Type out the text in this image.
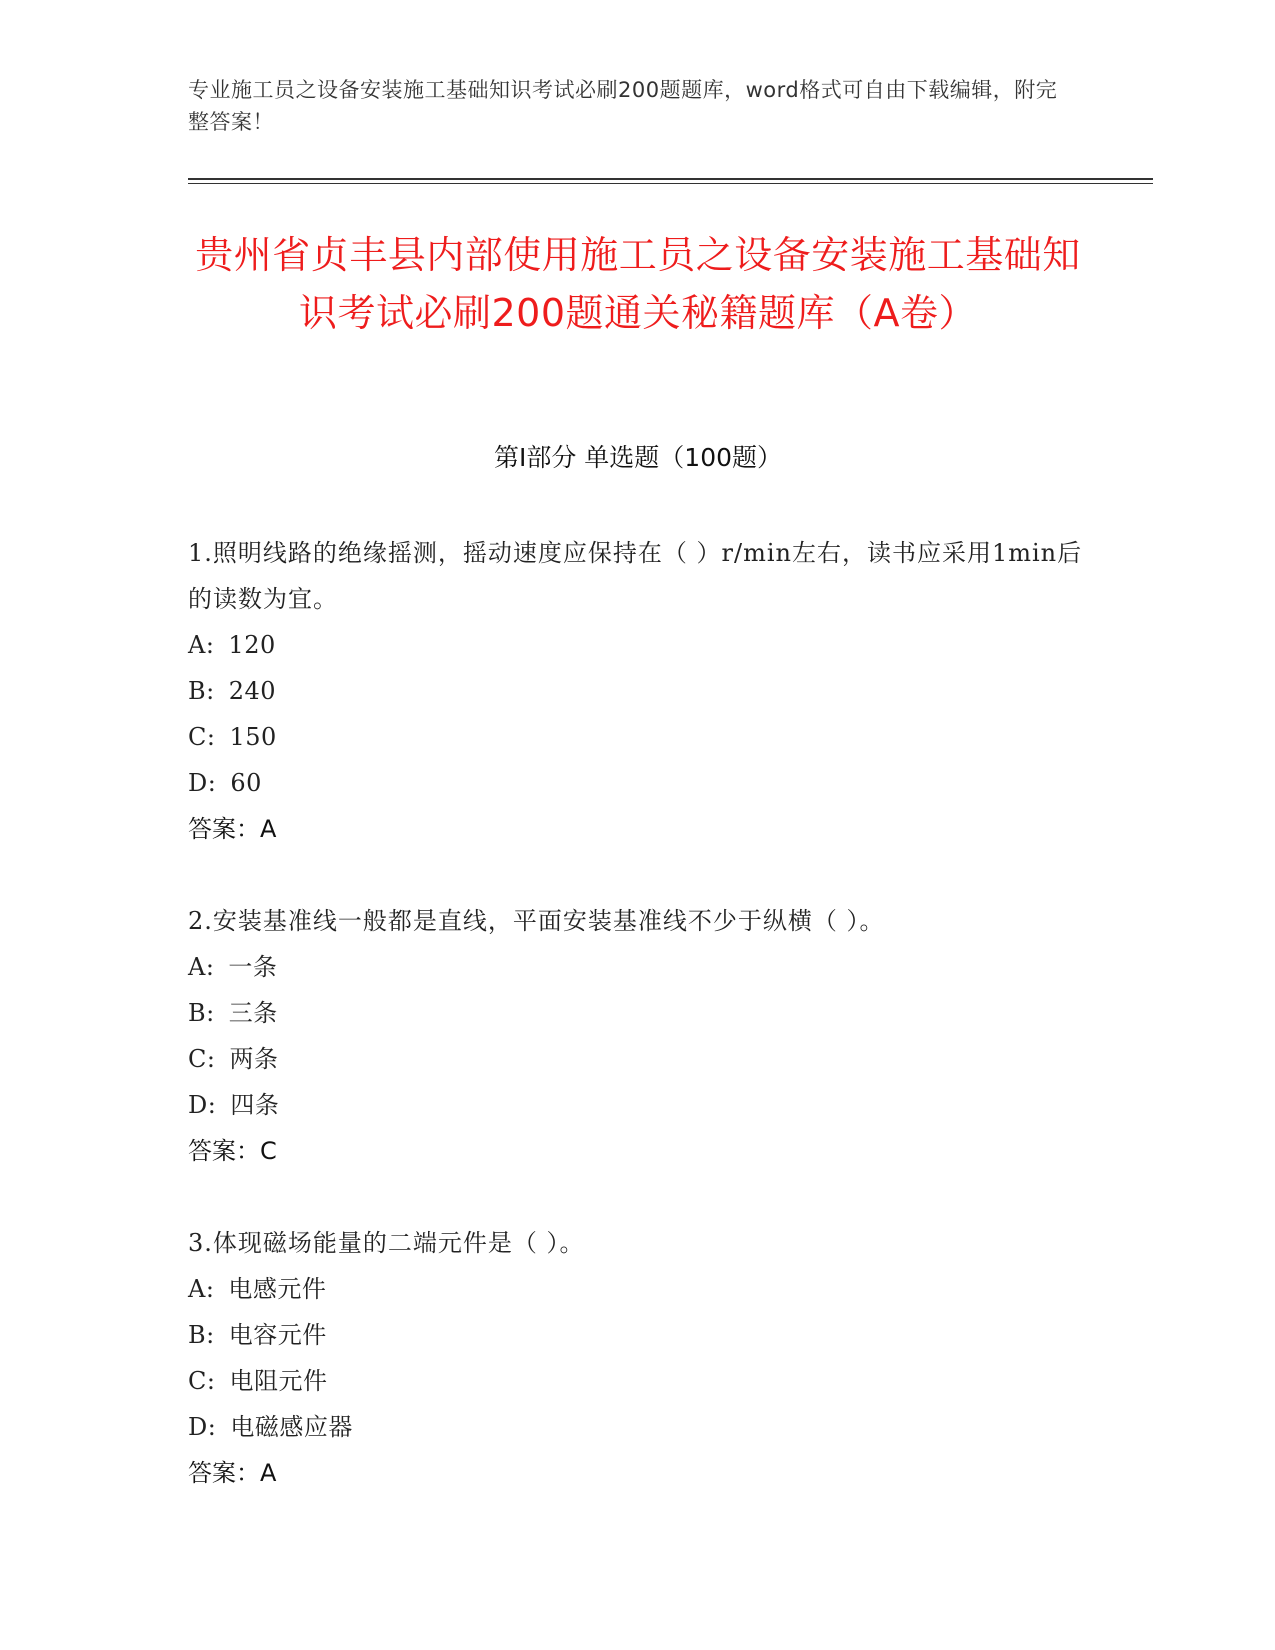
专业施工员之设备安装施工基础知识考试必刷200题题库，word格式可自由下载编辑，附完整答案！
贵州省贞丰县内部使用施工员之设备安装施工基础知识考试必刷200题通关秘籍题库（A卷）
第Ⅰ部分 单选题（100题）
1.照明线路的绝缘摇测，摇动速度应保持在（ ）r/min左右，读书应采用1min后的读数为宜。
A: 120
B: 240
C: 150
D: 60
答案：A
2.安装基准线一般都是直线，平面安装基准线不少于纵横（ ）。
A: 一条
B: 三条
C: 两条
D: 四条
答案：C
3.体现磁场能量的二端元件是（ ）。
A: 电感元件
B: 电容元件
C: 电阻元件
D: 电磁感应器
答案：A
